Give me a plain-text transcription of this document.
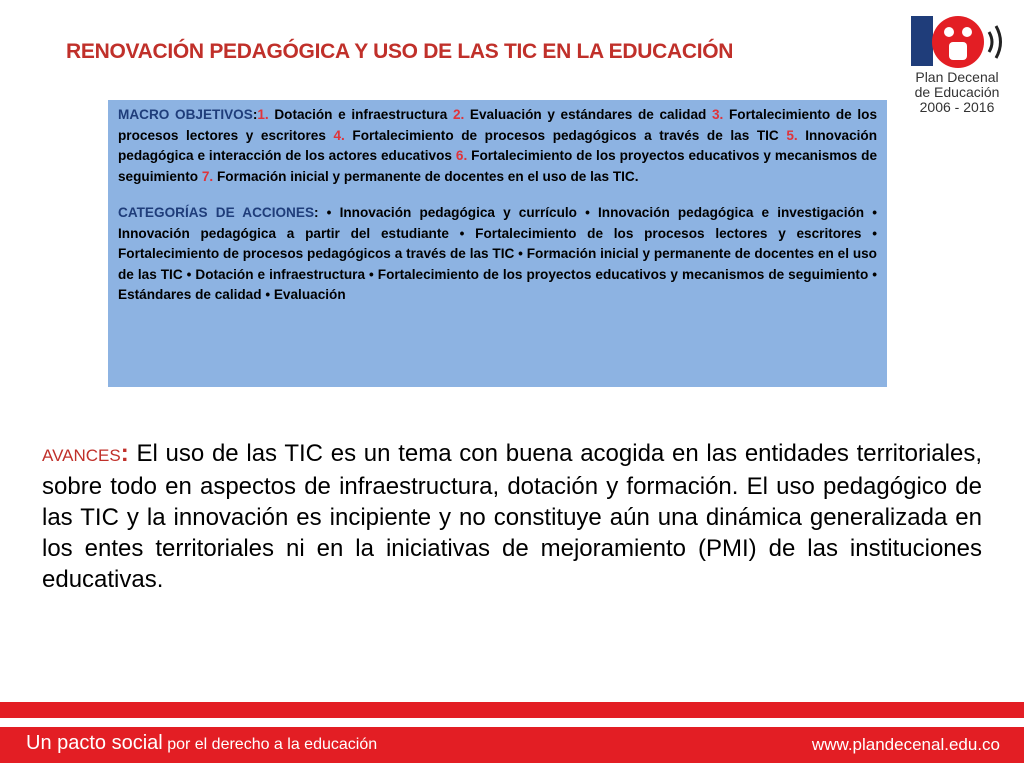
RENOVACIÓN PEDAGÓGICA Y USO DE LAS TIC EN LA EDUCACIÓN
Plan Decenal
de Educación
2006 - 2016

MACRO OBJETIVOS:1. Dotación e infraestructura 2. Evaluación y estándares de calidad 3. Fortalecimiento de los procesos lectores y escritores 4. Fortalecimiento de procesos pedagógicos a través de las TIC 5. Innovación pedagógica e interacción de los actores educativos 6. Fortalecimiento de los proyectos educativos y mecanismos de seguimiento 7. Formación inicial y permanente de docentes en el uso de las TIC.

CATEGORÍAS DE ACCIONES: • Innovación pedagógica y currículo • Innovación pedagógica e investigación • Innovación pedagógica a partir del estudiante • Fortalecimiento de los procesos lectores y escritores • Fortalecimiento de procesos pedagógicos a través de las TIC • Formación inicial y permanente de docentes en el uso de las TIC • Dotación e infraestructura • Fortalecimiento de los proyectos educativos y mecanismos de seguimiento • Estándares de calidad • Evaluación

AVANCES: El uso de las TIC es un tema con buena acogida en las entidades territoriales, sobre todo en aspectos de infraestructura, dotación y formación. El uso pedagógico de las TIC y la innovación es incipiente y no constituye aún una dinámica generalizada en los entes territoriales ni en la iniciativas de mejoramiento (PMI) de las instituciones educativas.
Un pacto social por el derecho a la educación	www.plandecenal.edu.co
